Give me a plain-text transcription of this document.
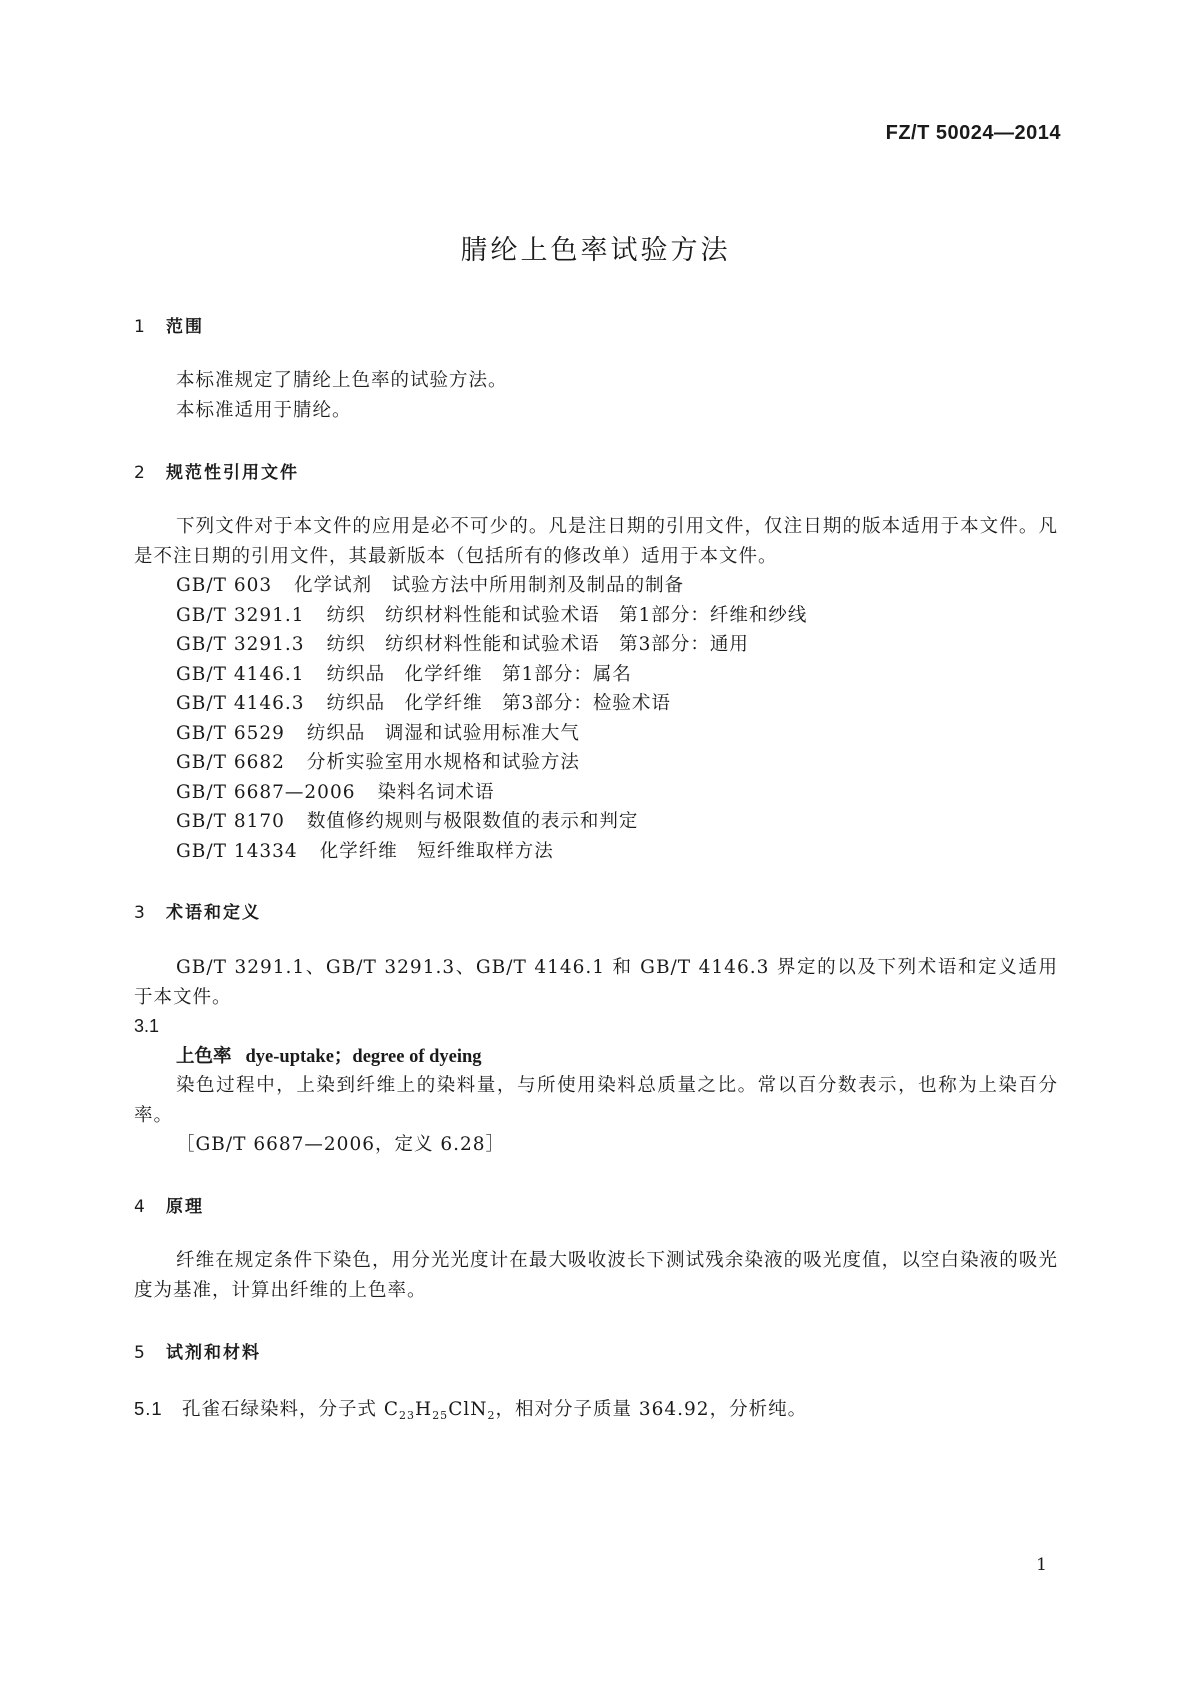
FZ/T 50024—2014
腈纶上色率试验方法
1 范围
本标准规定了腈纶上色率的试验方法。
本标准适用于腈纶。
2 规范性引用文件
下列文件对于本文件的应用是必不可少的。凡是注日期的引用文件，仅注日期的版本适用于本文件。凡是不注日期的引用文件，其最新版本（包括所有的修改单）适用于本文件。
GB/T 603 化学试剂　试验方法中所用制剂及制品的制备
GB/T 3291.1 纺织　纺织材料性能和试验术语　第1部分：纤维和纱线
GB/T 3291.3 纺织　纺织材料性能和试验术语　第3部分：通用
GB/T 4146.1 纺织品　化学纤维　第1部分：属名
GB/T 4146.3 纺织品　化学纤维　第3部分：检验术语
GB/T 6529 纺织品　调湿和试验用标准大气
GB/T 6682 分析实验室用水规格和试验方法
GB/T 6687—2006 染料名词术语
GB/T 8170 数值修约规则与极限数值的表示和判定
GB/T 14334 化学纤维　短纤维取样方法
3 术语和定义
GB/T 3291.1、GB/T 3291.3、GB/T 4146.1 和 GB/T 4146.3 界定的以及下列术语和定义适用于本文件。
3.1
上色率 dye-uptake；degree of dyeing
染色过程中，上染到纤维上的染料量，与所使用染料总质量之比。常以百分数表示，也称为上染百分率。
［GB/T 6687—2006，定义 6.28］
4 原理
纤维在规定条件下染色，用分光光度计在最大吸收波长下测试残余染液的吸光度值，以空白染液的吸光度为基准，计算出纤维的上色率。
5 试剂和材料
5.1 孔雀石绿染料，分子式 $C_{23}H_{25}ClN_2$，相对分子质量 364.92，分析纯。
1
